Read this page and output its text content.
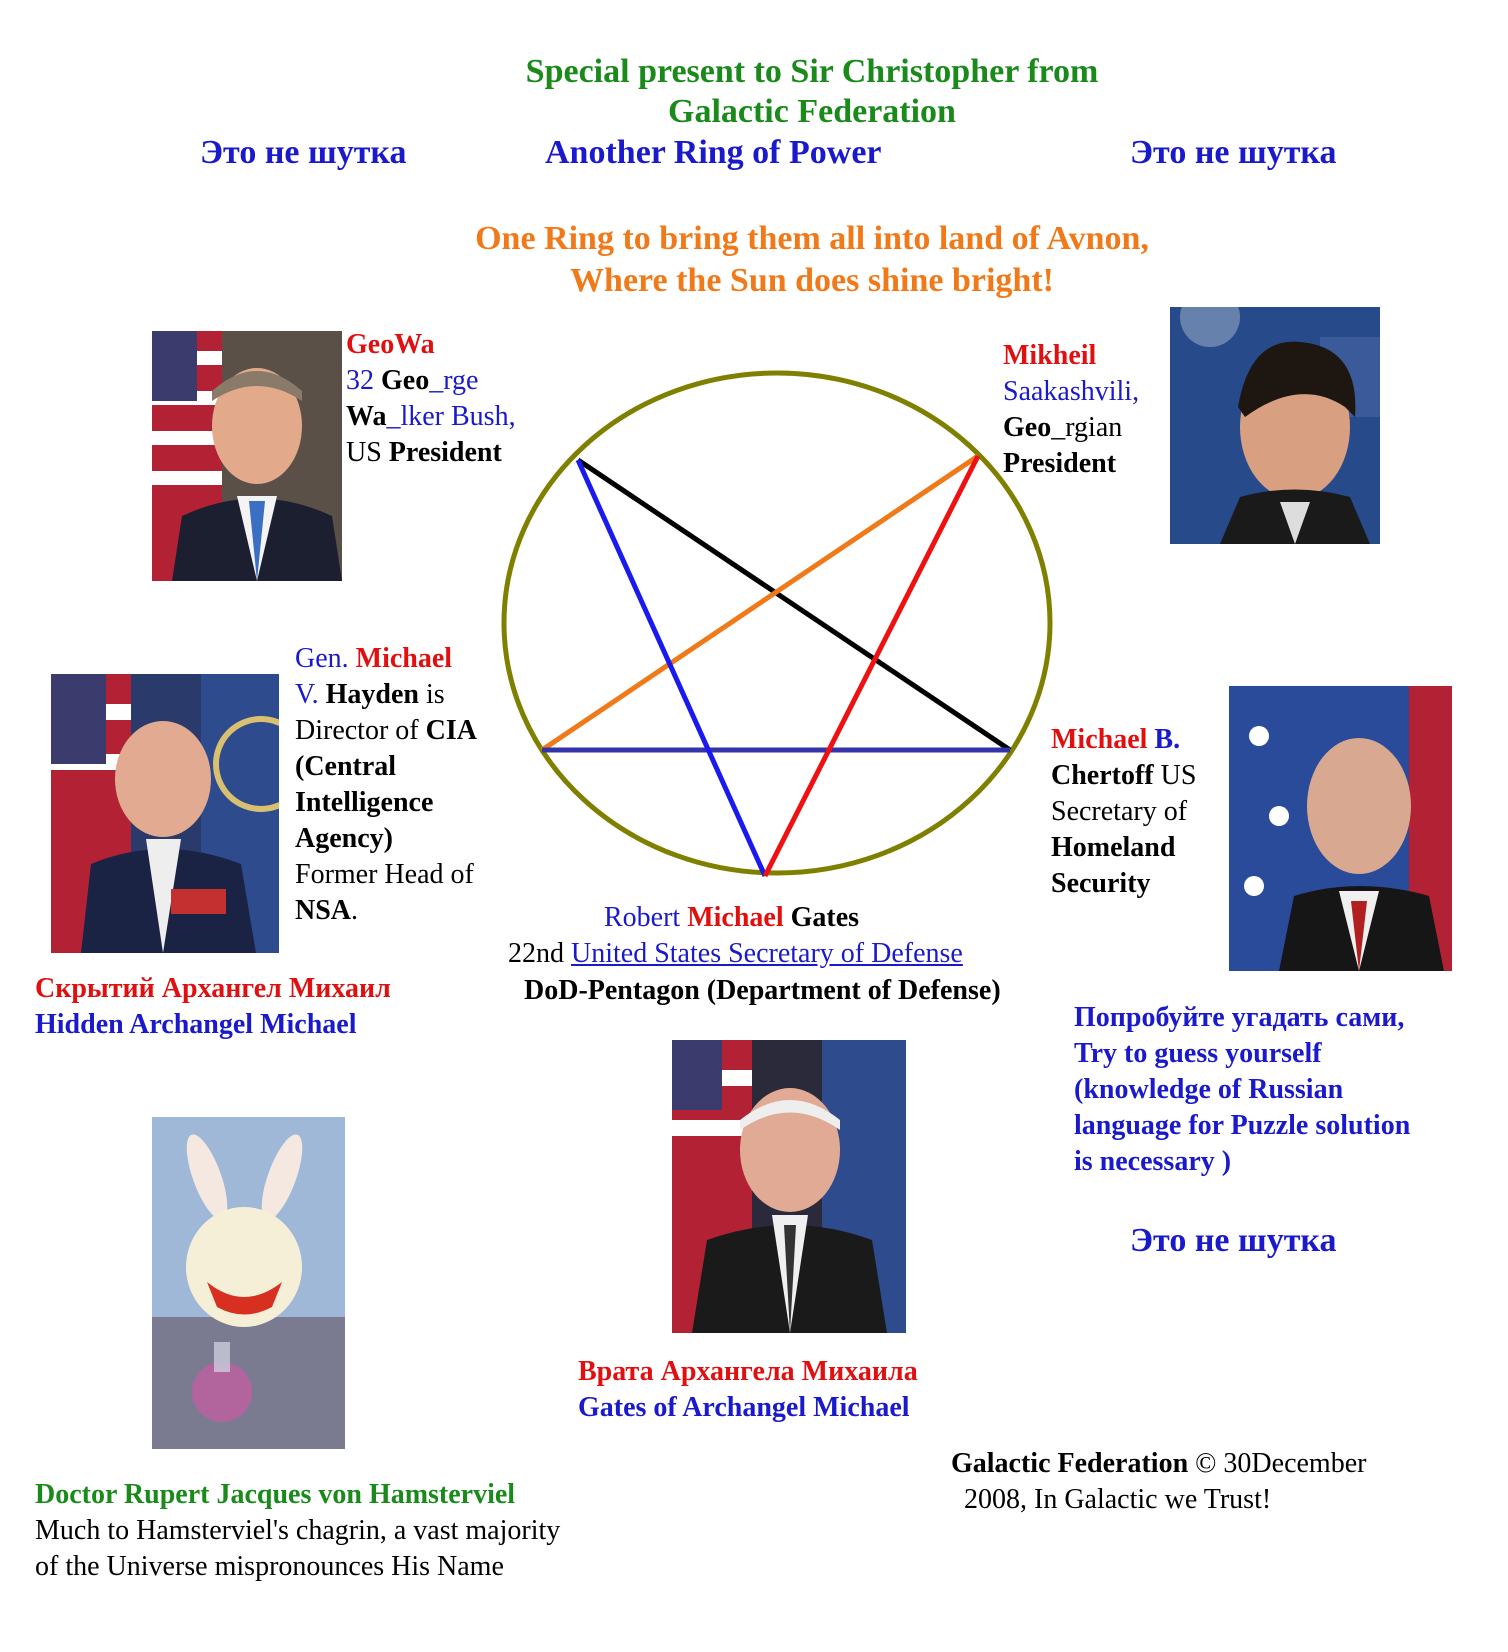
Special present to Sir Christopher from
Galactic Federation
Это не шутка	Another Ring of Power	Это не шутка
One Ring to bring them all into land of Avnon,
Where the Sun does shine bright!
GeoWa
32 Geo_rge
Wa_lker Bush,
US President
Mikheil
Saakashvili,
Geo_rgian
President
Gen. Michael
V. Hayden is
Director of CIA
(Central
Intelligence
Agency)
Former Head of
NSA.
Michael B.
Chertoff US
Secretary of
Homeland
Security
Robert Michael Gates
22nd United States Secretary of Defense
DoD-Pentagon (Department of Defense)
Скрытий Архангел Михаил
Hidden Archangel Michael	Попробуйте угадать сами,
Try to guess yourself
(knowledge of Russian
language for Puzzle solution
is necessary )
Это не шутка
Врата Архангела Михаила
Gates of Archangel Michael
Doctor Rupert Jacques von Hamsterviel
Much to Hamsterviel's chagrin, a vast majority
of the Universe mispronounces His Name
Galactic Federation © 30December
2008, In Galactic we Trust!
